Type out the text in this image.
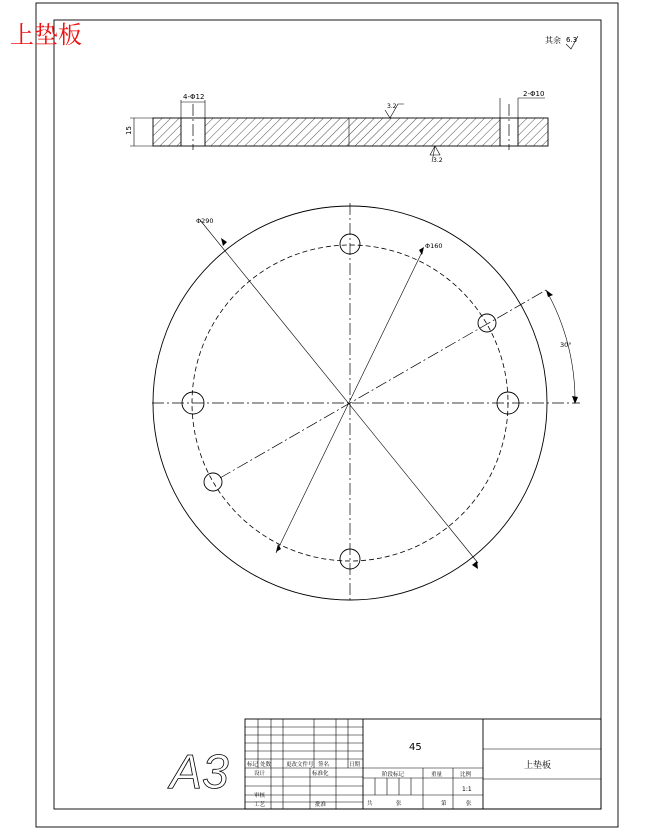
上垫板	其余 6.3
4-Φ12	2-Φ10
15
3.2
3.2
Φ290
Φ160
30°
A3	45
上垫板
标记 处数	更改文件号 签名	日期
设计	标准化
审核
工艺	批准
阶段标记	重量	比例
1:1
共	张	第	张
